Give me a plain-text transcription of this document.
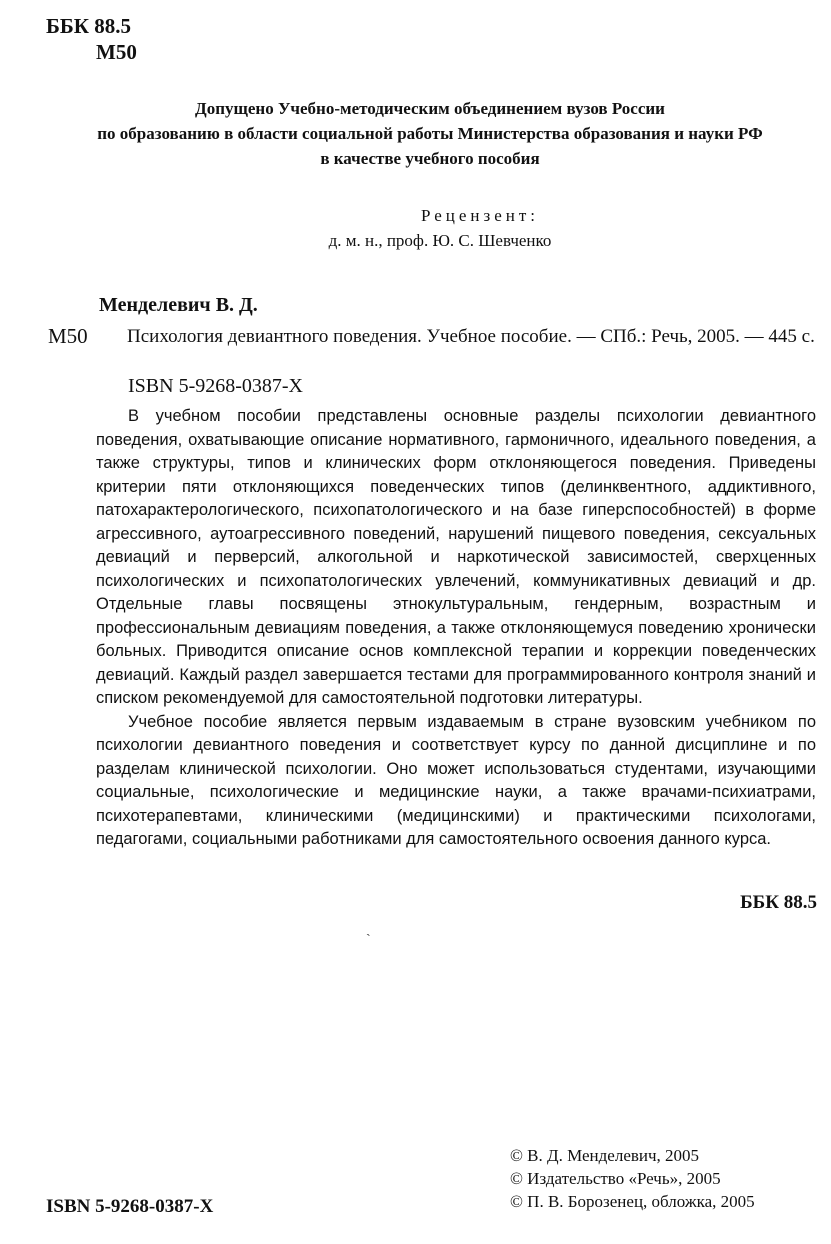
ББК 88.5
М50
Допущено Учебно-методическим объединением вузов России
по образованию в области социальной работы Министерства образования и науки РФ
в качестве учебного пособия
Рецензент:
д. м. н., проф. Ю. С. Шевченко
Менделевич В. Д.
М50 Психология девиантного поведения. Учебное пособие. — СПб.: Речь, 2005. — 445 с.
ISBN 5-9268-0387-X

В учебном пособии представлены основные разделы психологии девиантного поведения, охватывающие описание нормативного, гармоничного, идеального поведения, а также структуры, типов и клинических форм отклоняющегося поведения. Приведены критерии пяти отклоняющихся поведенческих типов (делинквентного, аддиктивного, патохарактерологического, психопатологического и на базе гиперспособностей) в форме агрессивного, аутоагрессивного поведений, нарушений пищевого поведения, сексуальных девиаций и перверсий, алкогольной и наркотической зависимостей, сверхценных психологических и психопатологических увлечений, коммуникативных девиаций и др. Отдельные главы посвящены этнокультуральным, гендерным, возрастным и профессиональным девиациям поведения, а также отклоняющемуся поведению хронически больных. Приводится описание основ комплексной терапии и коррекции поведенческих девиаций. Каждый раздел завершается тестами для программированного контроля знаний и списком рекомендуемой для самостоятельной подготовки литературы.

Учебное пособие является первым издаваемым в стране вузовским учебником по психологии девиантного поведения и соответствует курсу по данной дисциплине и по разделам клинической психологии. Оно может использоваться студентами, изучающими социальные, психологические и медицинские науки, а также врачами-психиатрами, психотерапевтами, клиническими (медицинскими) и практическими психологами, педагогами, социальными работниками для самостоятельного освоения данного курса.

ББК 88.5
ˏ
© В. Д. Менделевич, 2005
© Издательство «Речь», 2005
© П. В. Борозенец, обложка, 2005
ISBN 5-9268-0387-X
